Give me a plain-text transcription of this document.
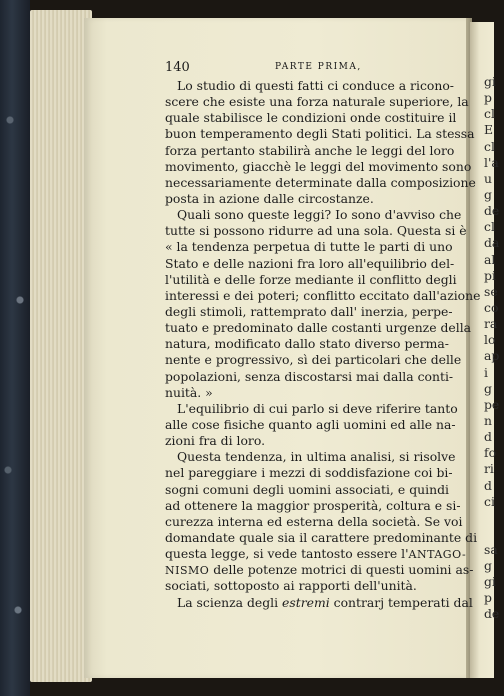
140	PARTE PRIMA,
Lo studio di questi fatti ci conduce a ricono-
scere che esiste una forza naturale superiore, la
quale stabilisce le condizioni onde costituire il
buon temperamento degli Stati politici. La stessa
forza pertanto stabilirà anche le leggi del loro
movimento, giacchè le leggi del movimento sono
necessariamente determinate dalla composizione
posta in azione dalle circostanze.
Quali sono queste leggi? Io sono d'avviso che
tutte si possono ridurre ad una sola. Questa si è
« la tendenza perpetua di tutte le parti di uno
Stato e delle nazioni fra loro all'equilibrio del-
l'utilità e delle forze mediante il conflitto degli
interessi e dei poteri; conflitto eccitato dall'azione
degli stimoli, rattemprato dall' inerzia, perpe-
tuato e predominato dalle costanti urgenze della
natura, modificato dallo stato diverso perma-
nente e progressivo, sì dei particolari che delle
popolazioni, senza discostarsi mai dalla conti-
nuità. »
L'equilibrio di cui parlo si deve riferire tanto
alle cose fisiche quanto agli uomini ed alle na-
zioni fra di loro.
Questa tendenza, in ultima analisi, si risolve
nel pareggiare i mezzi di soddisfazione coi bi-
sogni comuni degli uomini associati, e quindi
ad ottenere la maggior prosperità, coltura e si-
curezza interna ed esterna della società. Se voi
domandate quale sia il carattere predominante di
questa legge, si vede tantosto essere l'ANTAGO-
NISMO delle potenze motrici di questi uomini as-
sociati, sottoposto ai rapporti dell'unità.
La scienza degli estremi contrarj temperati dal
gi
p
cl
E
cl
l'a
u
g
de
cl
da
al
pi
se
co
ra
lo
ap
i
g
pe
n
d
fo
ri
d
ci
sa
g
gi
p
de
